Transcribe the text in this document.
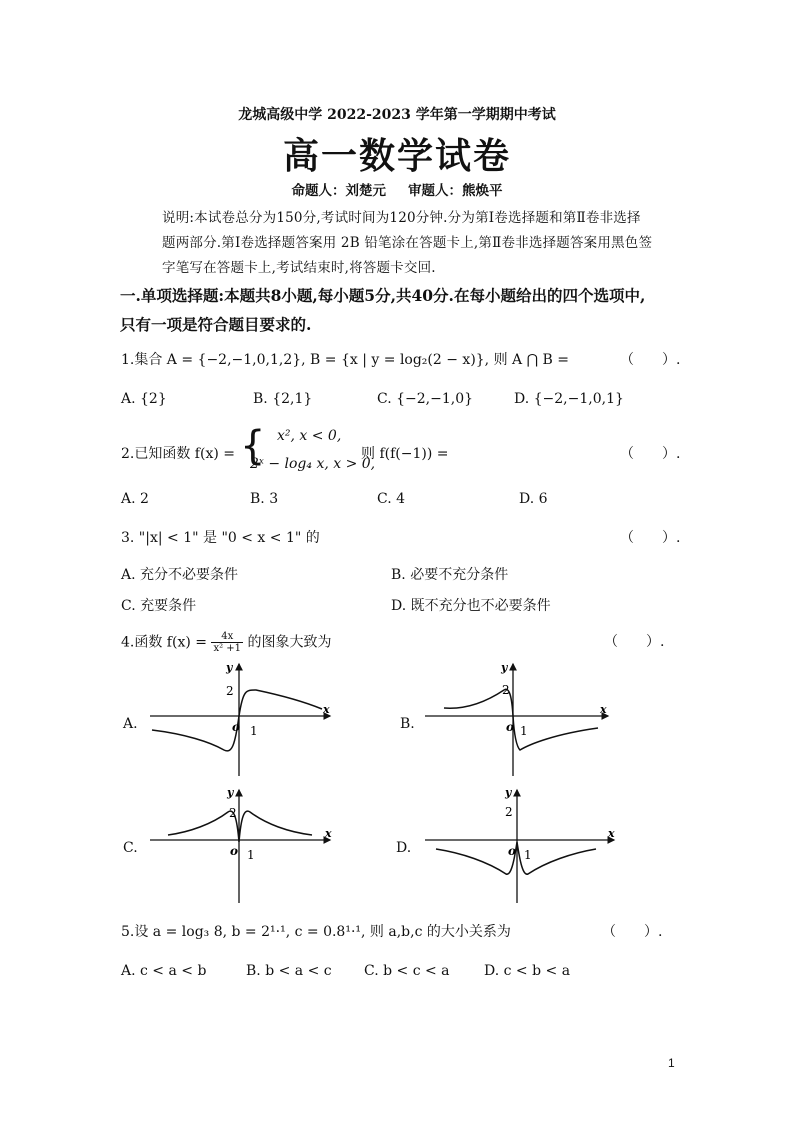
龙城高级中学 2022-2023 学年第一学期期中考试
高一数学试卷
命题人：刘楚元 审题人：熊焕平
说明:本试卷总分为150分,考试时间为120分钟.分为第Ⅰ卷选择题和第Ⅱ卷非选择
题两部分.第Ⅰ卷选择题答案用 2B 铅笔涂在答题卡上,第Ⅱ卷非选择题答案用黑色签
字笔写在答题卡上,考试结束时,将答题卡交回.
一.单项选择题:本题共8小题,每小题5分,共40分.在每小题给出的四个选项中,
只有一项是符合题目要求的.
1.集合 A = {−2,−1,0,1,2}, B = {x | y = log₂(2 − x)}, 则 A ⋂ B =	（　　）.
A. {2}	B. {2,1}	C. {−2,−1,0}	D. {−2,−1,0,1}
2.已知函数 f(x) = { x², x < 0,
2ˣ − log₄ x, x > 0,
则 f(f(−1)) =	（　　）.
A. 2	B. 3	C. 4	D. 6
3. "|x| < 1" 是 "0 < x < 1" 的	（　　）.
A. 充分不必要条件	B. 必要不充分条件
C. 充要条件	D. 既不充分也不必要条件
4.函数 $f(x) = \frac{4x}{\text{x² +1}}$ 的图象大致为	（　　）.
A.	B.
C.	D.
o 1
2
y
x
o 1
2
y
x
o 1
2
y
x
o 1
2
y
x
5.设 a = log₃ 8, b = 2¹·¹, c = 0.8¹·¹, 则 a,b,c 的大小关系为	（　　）.
A. c < a < b	B. b < a < c C. b < c < a D. c < b < a
1
